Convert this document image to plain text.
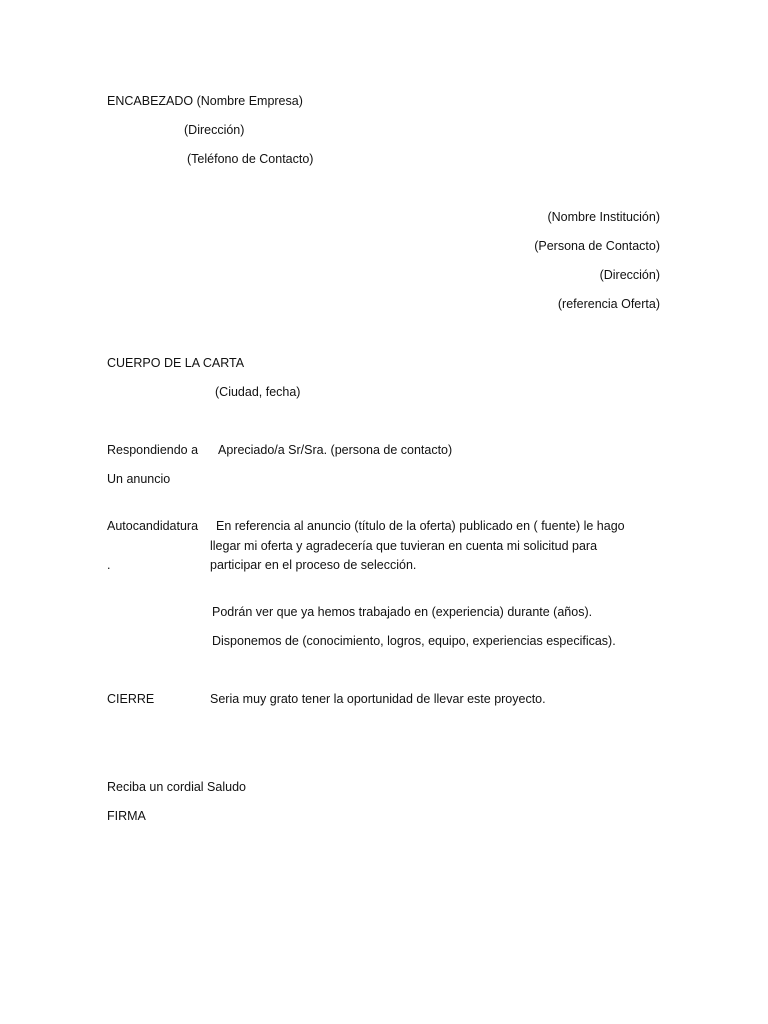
ENCABEZADO (Nombre Empresa)
(Dirección)
(Teléfono de Contacto)
(Nombre Institución)
(Persona de Contacto)
(Dirección)
(referencia Oferta)
CUERPO DE LA CARTA
(Ciudad, fecha)
Respondiendo a Apreciado/a Sr/Sra. (persona de contacto)
Un anuncio
Autocandidatura
.
En referencia al anuncio (título de la oferta) publicado en ( fuente) le hago
llegar mi oferta y agradecería que tuvieran en cuenta mi solicitud para
participar en el proceso de selección.
Podrán ver que ya hemos trabajado en (experiencia) durante (años).
Disponemos de (conocimiento, logros, equipo, experiencias especificas).
CIERRE	Seria muy grato tener la oportunidad de llevar este proyecto.
Reciba un cordial Saludo
FIRMA
